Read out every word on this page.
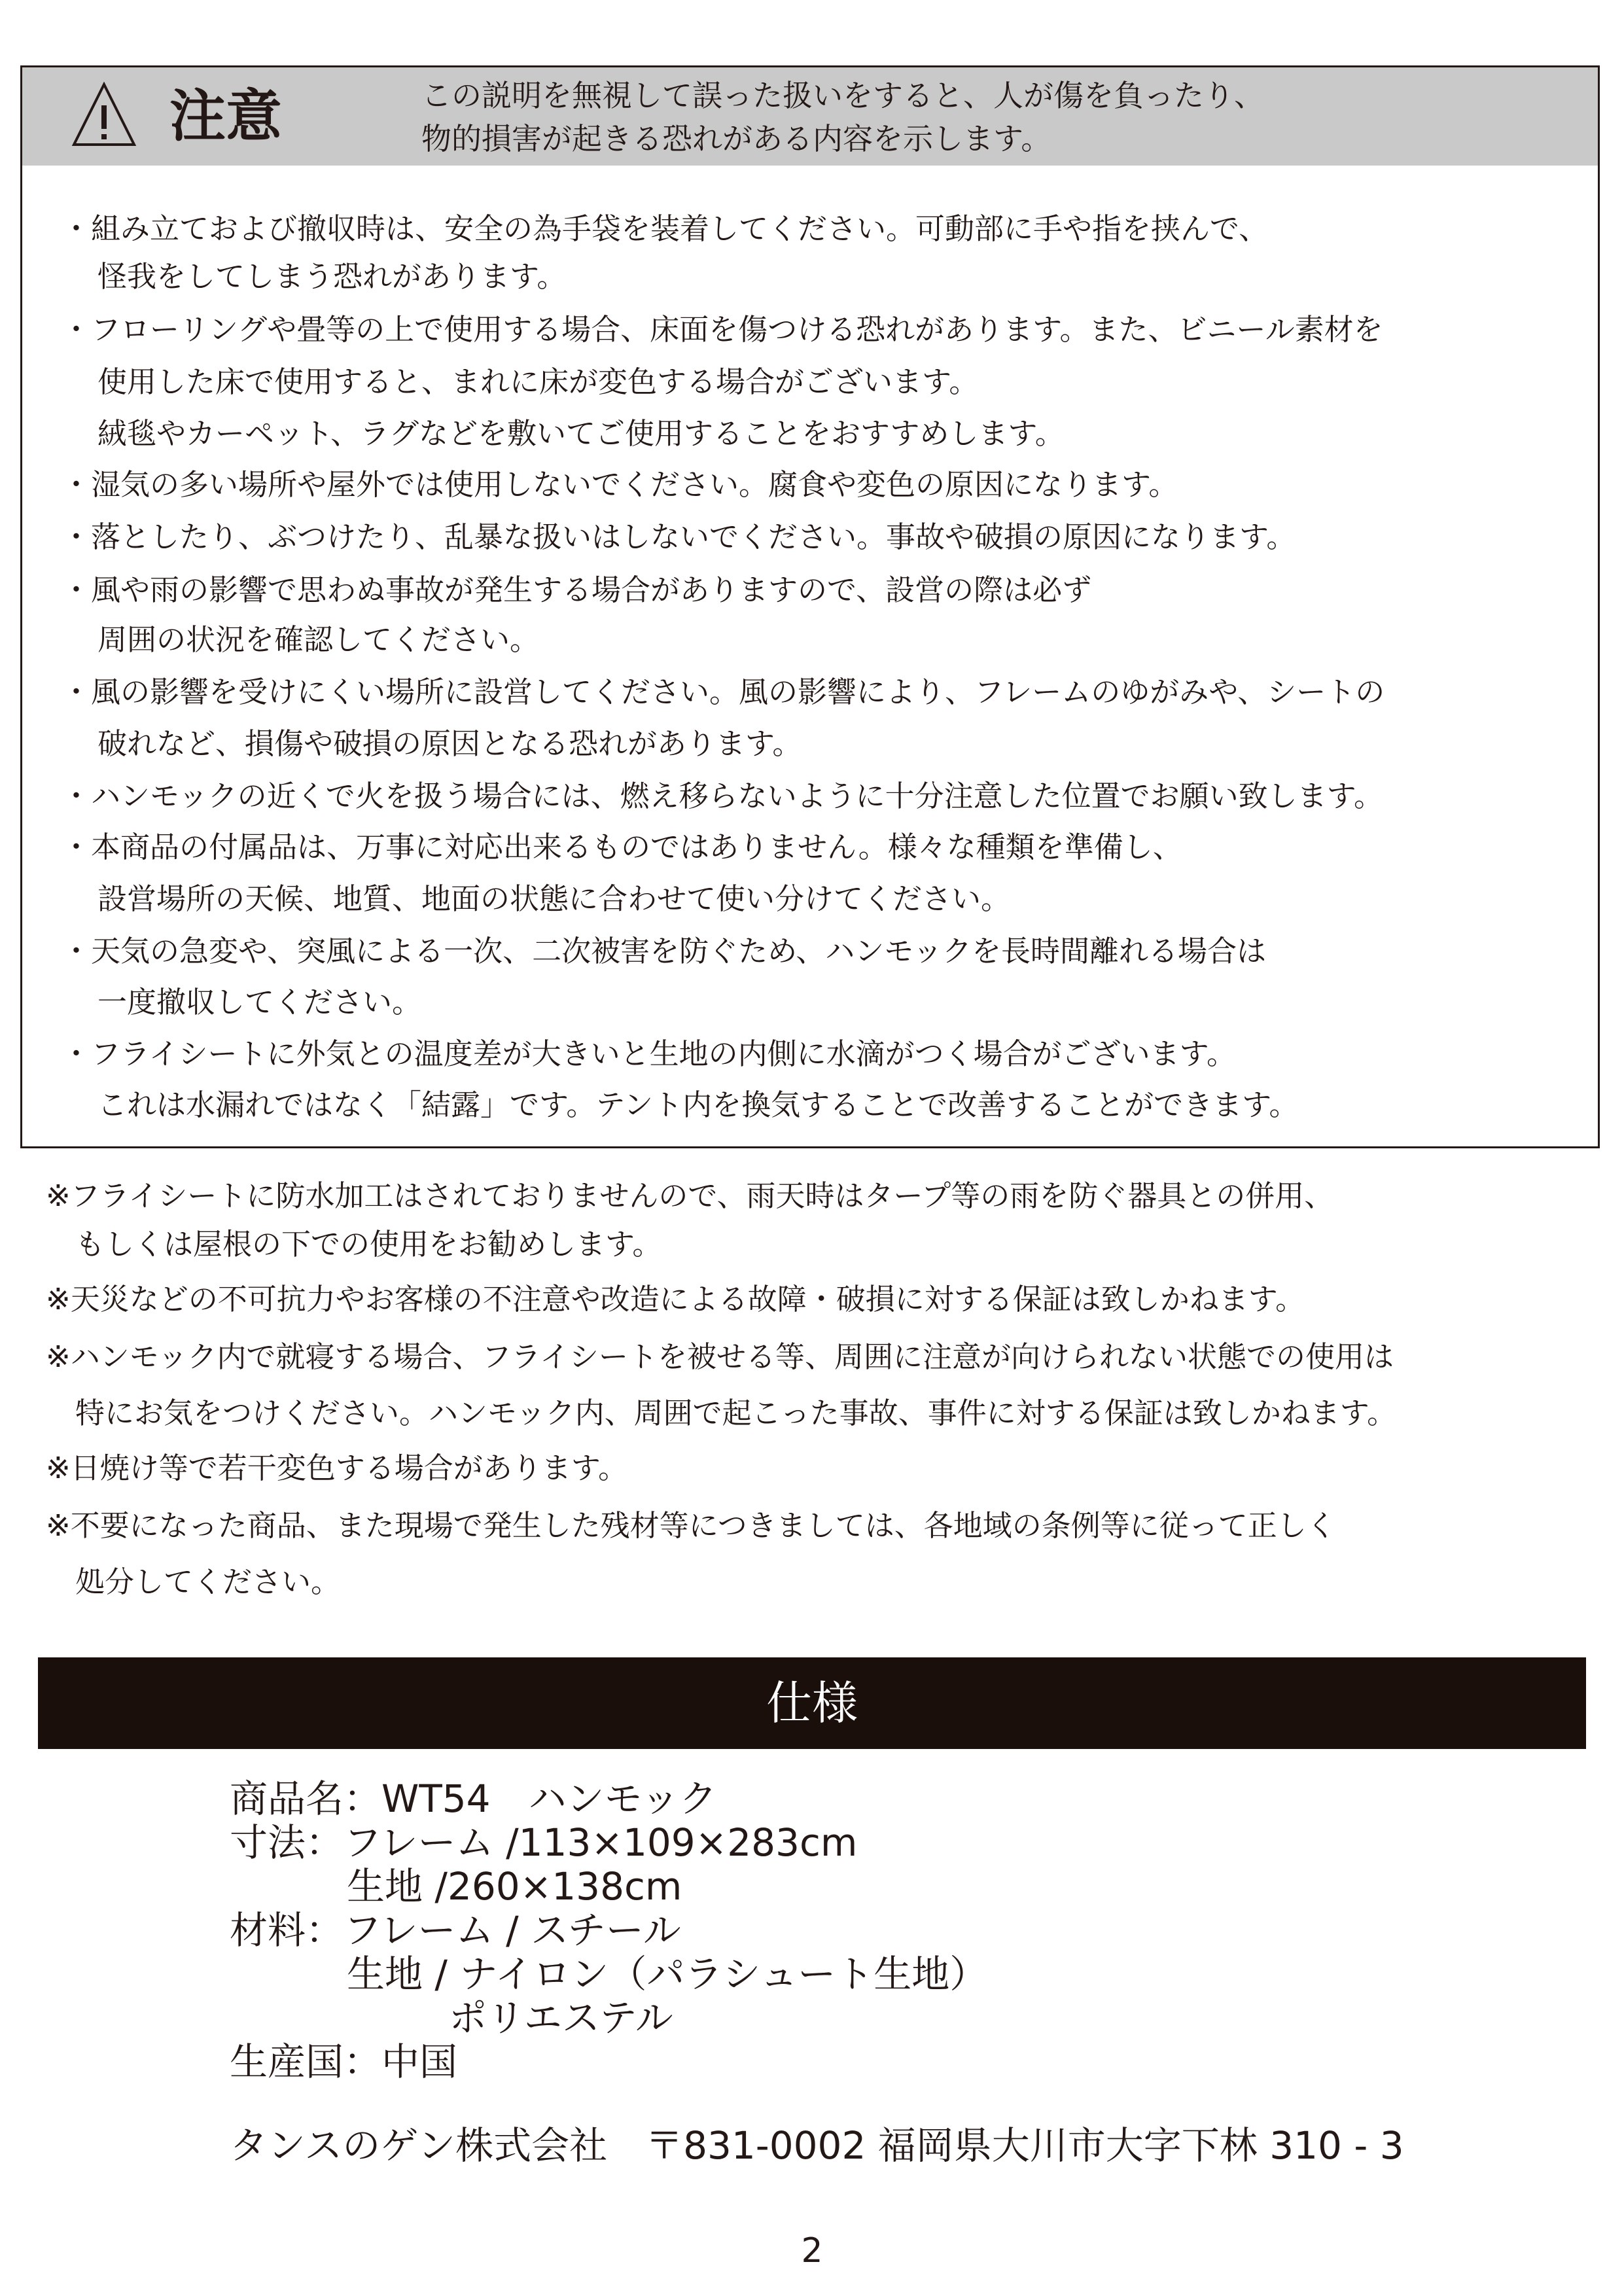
注意	この説明を無視して誤った扱いをすると、人が傷を負ったり、
物的損害が起きる恐れがある内容を示します。
・組み立ておよび撤収時は、安全の為手袋を装着してください。可動部に手や指を挟んで、
怪我をしてしまう恐れがあります。
・フローリングや畳等の上で使用する場合、床面を傷つける恐れがあります。また、ビニール素材を
使用した床で使用すると、まれに床が変色する場合がございます。
絨毯やカーペット、ラグなどを敷いてご使用することをおすすめします。
・湿気の多い場所や屋外では使用しないでください。腐食や変色の原因になります。
・落としたり、ぶつけたり、乱暴な扱いはしないでください。事故や破損の原因になります。
・風や雨の影響で思わぬ事故が発生する場合がありますので、設営の際は必ず
周囲の状況を確認してください。
・風の影響を受けにくい場所に設営してください。風の影響により、フレームのゆがみや、シートの
破れなど、損傷や破損の原因となる恐れがあります。
・ハンモックの近くで火を扱う場合には、燃え移らないように十分注意した位置でお願い致します。
・本商品の付属品は、万事に対応出来るものではありません。様々な種類を準備し、
設営場所の天候、地質、地面の状態に合わせて使い分けてください。
・天気の急変や、突風による一次、二次被害を防ぐため、ハンモックを長時間離れる場合は
一度撤収してください。
・フライシートに外気との温度差が大きいと生地の内側に水滴がつく場合がございます。
これは水漏れではなく「結露」です。テント内を換気することで改善することができます。
※フライシートに防水加工はされておりませんので、雨天時はタープ等の雨を防ぐ器具との併用、
もしくは屋根の下での使用をお勧めします。
※天災などの不可抗力やお客様の不注意や改造による故障・破損に対する保証は致しかねます。
※ハンモック内で就寝する場合、フライシートを被せる等、周囲に注意が向けられない状態での使用は
特にお気をつけください。ハンモック内、周囲で起こった事故、事件に対する保証は致しかねます。
※日焼け等で若干変色する場合があります。
※不要になった商品、また現場で発生した残材等につきましては、各地域の条例等に従って正しく
処分してください。
仕様
商品名：WT54　ハンモック
寸法：フレーム /113×109×283cm
生地 /260×138cm
材料：フレーム / スチール
生地 / ナイロン（パラシュート生地）
ポリエステル
生産国：中国
タンスのゲン株式会社　〒831-0002 福岡県大川市大字下林 310 - 3
2
